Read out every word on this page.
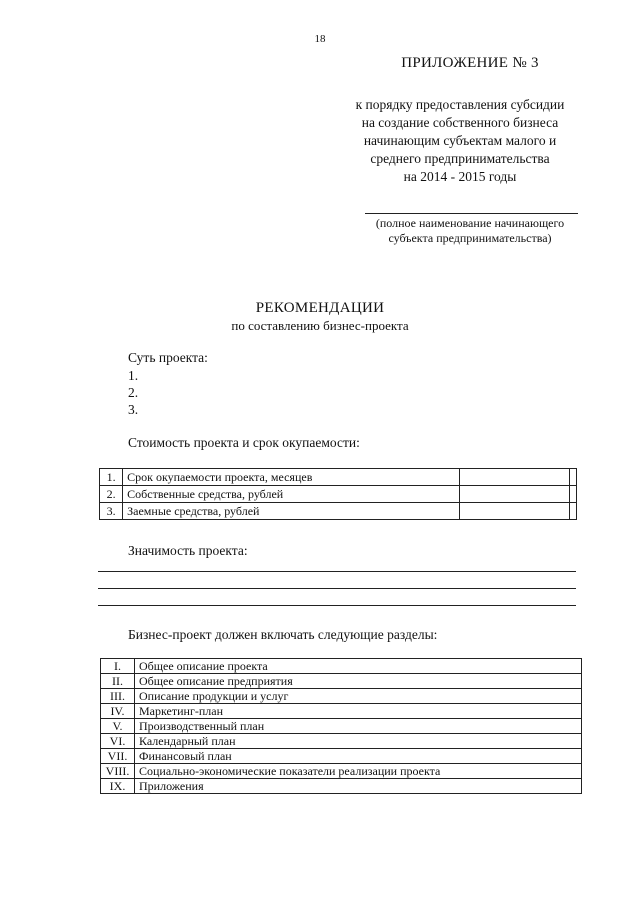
18
ПРИЛОЖЕНИЕ № 3
к порядку предоставления субсидии
на создание собственного бизнеса
начинающим субъектам малого и
среднего предпринимательства
на 2014 - 2015 годы
(полное наименование начинающего
субъекта предпринимательства)
РЕКОМЕНДАЦИИ
по составлению бизнес-проекта
Суть проекта:
1.
2.
3.
Стоимость проекта и срок окупаемости:
1.	Срок окупаемости проекта, месяцев		
2.	Собственные средства, рублей		
3.	Заемные средства, рублей		
Значимость проекта:
Бизнес-проект должен включать следующие разделы:
I.	Общее описание проекта
II.	Общее описание предприятия
III.	Описание продукции и услуг
IV.	Маркетинг-план
V.	Производственный план
VI.	Календарный план
VII.	Финансовый план
VIII.	Социально-экономические показатели реализации проекта
IX.	Приложения
